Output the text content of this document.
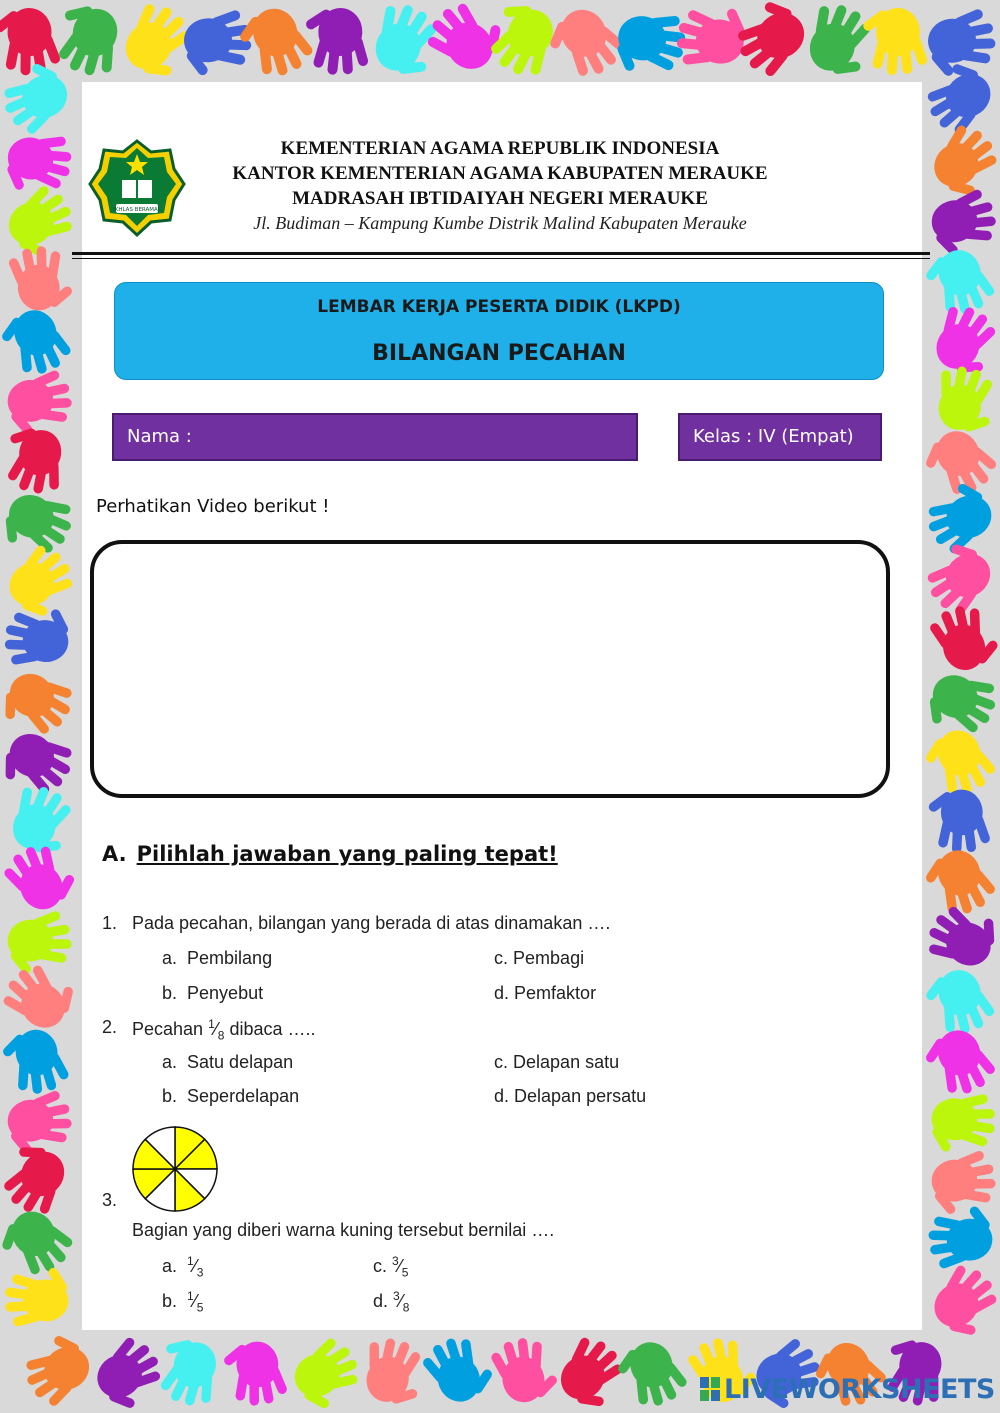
IKHLAS BERAMAL
KEMENTERIAN AGAMA REPUBLIK INDONESIA
KANTOR KEMENTERIAN AGAMA KABUPATEN MERAUKE
MADRASAH IBTIDAIYAH NEGERI MERAUKE
Jl. Budiman – Kampung Kumbe Distrik Malind Kabupaten Merauke
LEMBAR KERJA PESERTA DIDIK (LKPD)
BILANGAN PECAHAN
Nama :	Kelas : IV (Empat)
Perhatikan Video berikut !
A. Pilihlah jawaban yang paling tepat!
1. Pada pecahan, bilangan yang berada di atas dinamakan ….
a. Pembilang	c. Pembagi
b. Penyebut	d. Pemfaktor
2. Pecahan $^1⁄_8$ dibaca …..
a. Satu delapan	c. Delapan satu
b. Seperdelapan	d. Delapan persatu
3.
Bagian yang diberi warna kuning tersebut bernilai ….
a. $^1⁄_3$	c. $^3⁄_5$
b. $^1⁄_5$	d. $^3⁄_8$
LIVEWORKSHEETS
